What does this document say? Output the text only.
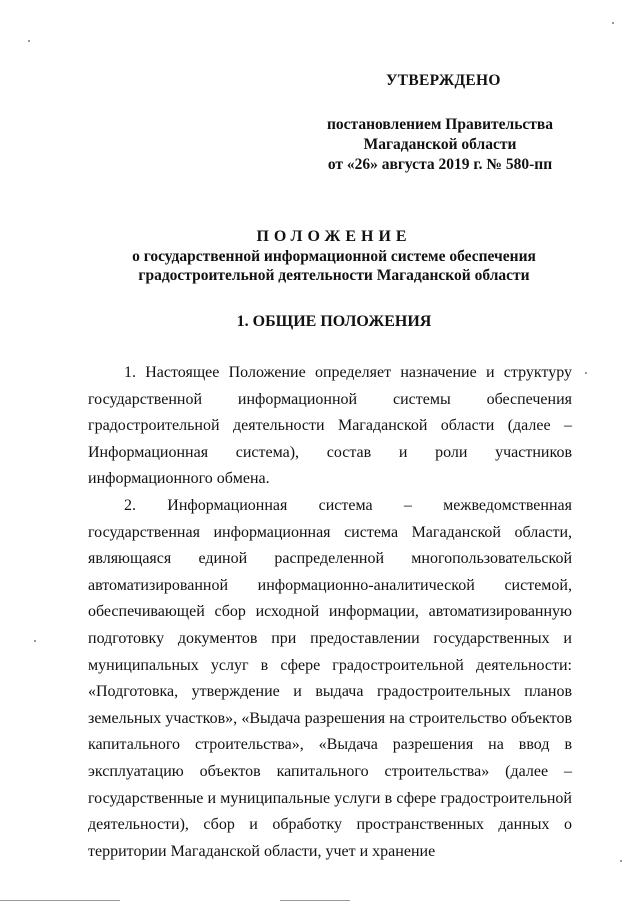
УТВЕРЖДЕНО
постановлением Правительства
Магаданской области
от «26» августа 2019 г. № 580-пп
ПОЛОЖЕНИЕ
о государственной информационной системе обеспечения
градостроительной деятельности Магаданской области
1. ОБЩИЕ ПОЛОЖЕНИЯ

1. Настоящее Положение определяет назначение и структуру государственной информационной системы обеспечения градостроительной деятельности Магаданской области (далее – Информационная система), состав и роли участников информационного обмена.

2. Информационная система – межведомственная государственная информационная система Магаданской области, являющаяся единой распределенной многопользовательской автоматизированной информационно-аналитической системой, обеспечивающей сбор исходной информации, автоматизированную подготовку документов при предоставлении государственных и муниципальных услуг в сфере градостроительной деятельности: «Подготовка, утверждение и выдача градостроительных планов земельных участков», «Выдача разрешения на строительство объектов капитального строительства», «Выдача разрешения на ввод в эксплуатацию объектов капитального строительства» (далее – государственные и муниципальные услуги в сфере градостроительной деятельности), сбор и обработку пространственных данных о территории Магаданской области, учет и хранение
